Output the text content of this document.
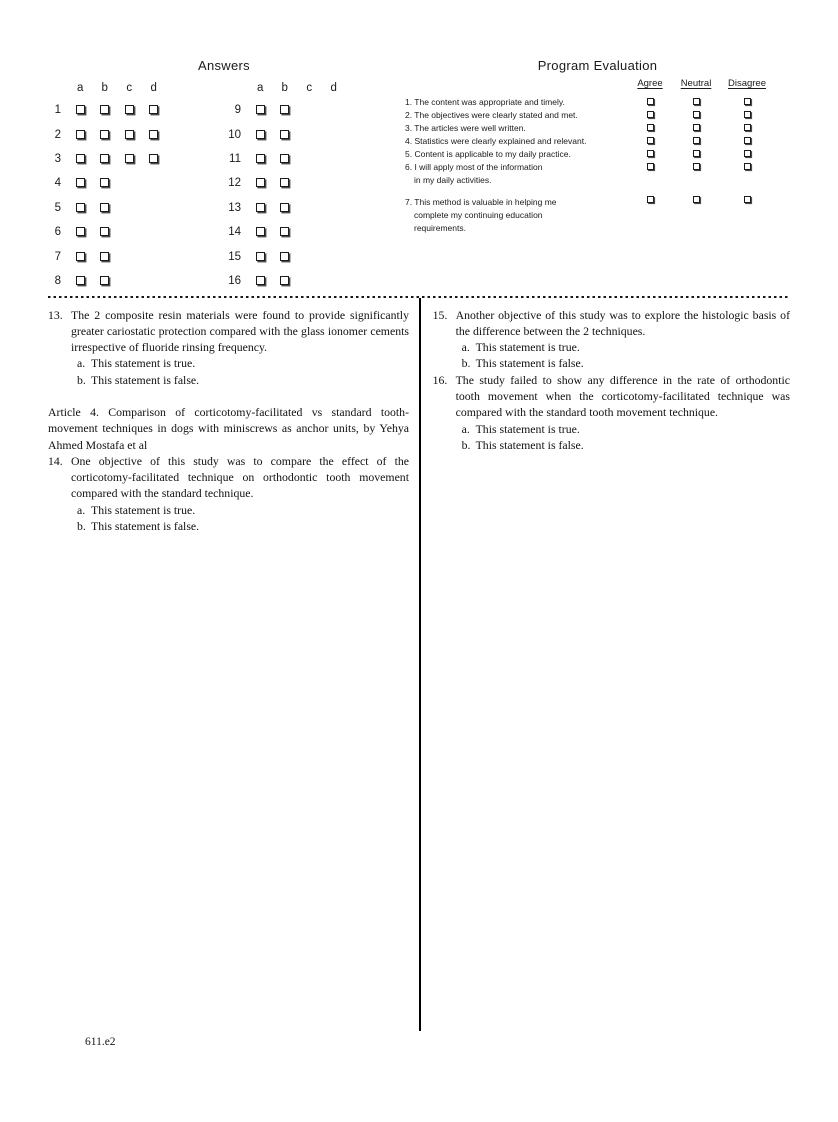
Answers
a b c d
1
2
3
4
5
6
7
8
a b c d
9
10
11
12
13
14
15
16
Program Evaluation
Agree	Neutral	Disagree
1. The content was appropriate and timely.
2. The objectives were clearly stated and met.
3. The articles were well written.
4. Statistics were clearly explained and relevant.
5. Content is applicable to my daily practice.
6. I will apply most of the information
in my daily activities.
7. This method is valuable in helping me
complete my continuing education
requirements.
13. The 2 composite resin materials were found to provide significantly greater cariostatic protection compared with the glass ionomer cements irrespective of fluoride rinsing frequency.
a. This statement is true.
b. This statement is false.
Article 4. Comparison of corticotomy-facilitated vs standard tooth-movement techniques in dogs with miniscrews as anchor units, by Yehya Ahmed Mostafa et al
14. One objective of this study was to compare the effect of the corticotomy-facilitated technique on orthodontic tooth movement compared with the standard technique.
a. This statement is true.
b. This statement is false.
15. Another objective of this study was to explore the histologic basis of the difference between the 2 techniques.
a. This statement is true.
b. This statement is false.
16. The study failed to show any difference in the rate of orthodontic tooth movement when the corticotomy-facilitated technique was compared with the standard tooth movement technique.
a. This statement is true.
b. This statement is false.
611.e2
